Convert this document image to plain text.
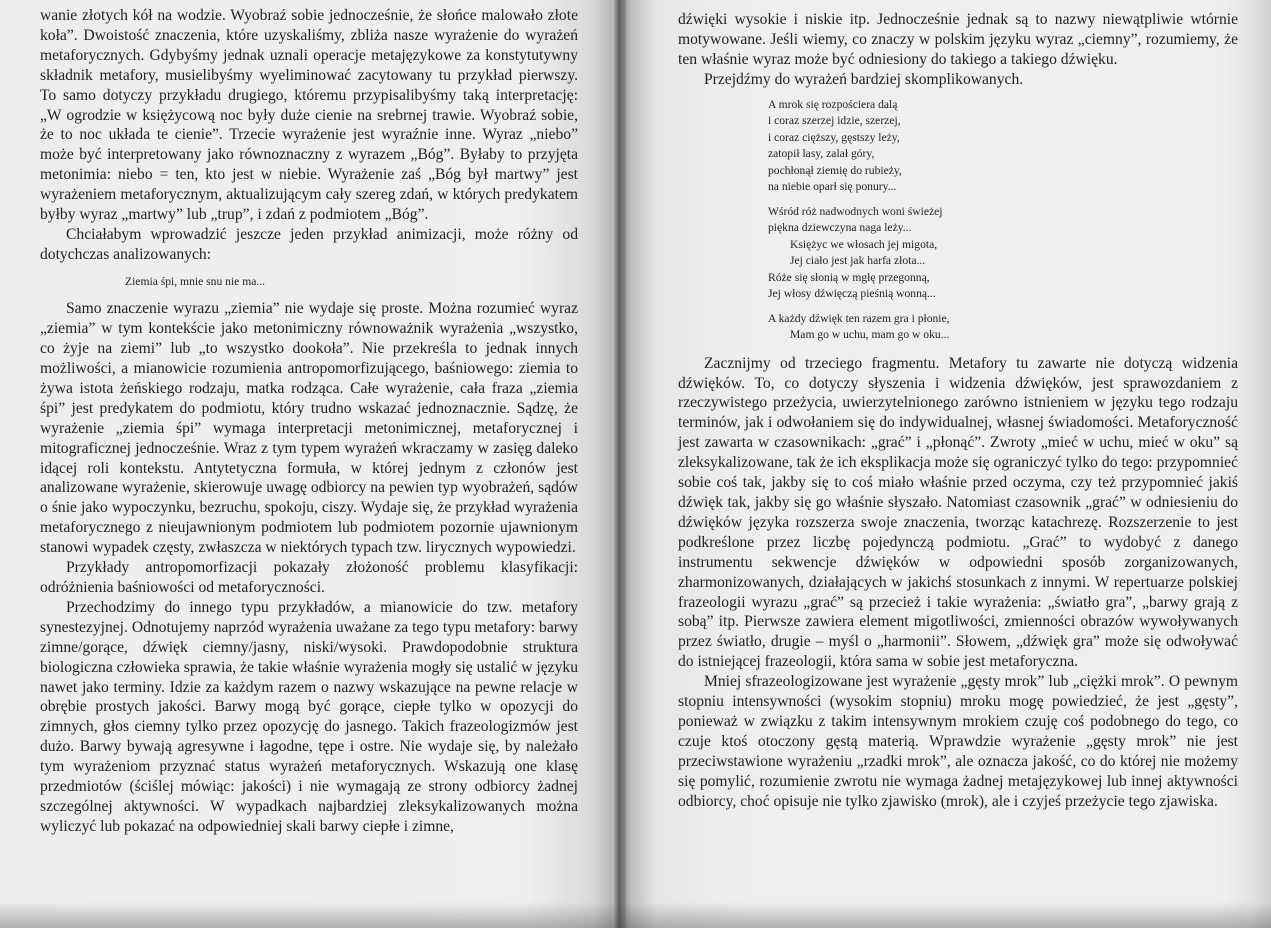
wanie złotych kół na wodzie. Wyobraź sobie jednocześnie, że słońce malowało złote koła”. Dwoistość znaczenia, które uzyskaliśmy, zbliża nasze wyrażenie do wyrażeń metaforycznych. Gdybyśmy jednak uznali operacje metajęzykowe za konstytutywny składnik metafory, musielibyśmy wyeliminować zacytowany tu przykład pierwszy. To samo dotyczy przykładu drugiego, któremu przypisalibyśmy taką interpretację: „W ogrodzie w księżycową noc były duże cienie na srebrnej trawie. Wyobraź sobie, że to noc układa te cienie”. Trzecie wyrażenie jest wyraźnie inne. Wyraz „niebo” może być interpretowany jako równoznaczny z wyrazem „Bóg”. Byłaby to przyjęta metonimia: niebo = ten, kto jest w niebie. Wyrażenie zaś „Bóg był martwy” jest wyrażeniem metaforycznym, aktualizującym cały szereg zdań, w których predykatem byłby wyraz „martwy” lub „trup”, i zdań z podmiotem „Bóg”.

Chciałabym wprowadzić jeszcze jeden przykład animizacji, może różny od dotychczas analizowanych:

Ziemia śpi, mnie snu nie ma...

Samo znaczenie wyrazu „ziemia” nie wydaje się proste. Można rozumieć wyraz „ziemia” w tym kontekście jako metonimiczny równoważnik wyrażenia „wszystko, co żyje na ziemi” lub „to wszystko dookoła”. Nie przekreśla to jednak innych możliwości, a mianowicie rozumienia antropomorfizującego, baśniowego: ziemia to żywa istota żeńskiego rodzaju, matka rodząca. Całe wyrażenie, cała fraza „ziemia śpi” jest predykatem do podmiotu, który trudno wskazać jednoznacznie. Sądzę, że wyrażenie „ziemia śpi” wymaga interpretacji metonimicznej, metaforycznej i mitograficznej jednocześnie. Wraz z tym typem wyrażeń wkraczamy w zasięg daleko idącej roli kontekstu. Antytetyczna formuła, w której jednym z członów jest analizowane wyrażenie, skierowuje uwagę odbiorcy na pewien typ wyobrażeń, sądów o śnie jako wypoczynku, bezruchu, spokoju, ciszy. Wydaje się, że przykład wyrażenia metaforycznego z nieujawnionym podmiotem lub podmiotem pozornie ujawnionym stanowi wypadek częsty, zwłaszcza w niektórych typach tzw. lirycznych wypowiedzi.

Przykłady antropomorfizacji pokazały złożoność problemu klasyfikacji: odróżnienia baśniowości od metaforyczności.

Przechodzimy do innego typu przykładów, a mianowicie do tzw. metafory synestezyjnej. Odnotujemy naprzód wyrażenia uważane za tego typu metafory: barwy zimne/gorące, dźwięk ciemny/jasny, niski/wysoki. Prawdopodobnie struktura biologiczna człowieka sprawia, że takie właśnie wyrażenia mogły się ustalić w języku nawet jako terminy. Idzie za każdym razem o nazwy wskazujące na pewne relacje w obrębie prostych jakości. Barwy mogą być gorące, ciepłe tylko w opozycji do zimnych, głos ciemny tylko przez opozycję do jasnego. Takich frazeologizmów jest dużo. Barwy bywają agresywne i łagodne, tępe i ostre. Nie wydaje się, by należało tym wyrażeniom przyznać status wyrażeń metaforycznych. Wskazują one klasę przedmiotów (ściślej mówiąc: jakości) i nie wymagają ze strony odbiorcy żadnej szczególnej aktywności. W wypadkach najbardziej zleksykalizowanych można wyliczyć lub pokazać na odpowiedniej skali barwy ciepłe i zimne,

dźwięki wysokie i niskie itp. Jednocześnie jednak są to nazwy niewątpliwie wtórnie motywowane. Jeśli wiemy, co znaczy w polskim języku wyraz „ciemny”, rozumiemy, że ten właśnie wyraz może być odniesiony do takiego a takiego dźwięku.

Przejdźmy do wyrażeń bardziej skomplikowanych.

A mrok się rozpościera dalą
i coraz szerzej idzie, szerzej,
i coraz cięższy, gęstszy leży,
zatopił lasy, zalał góry,
pochłonął ziemię do rubieży,
na niebie oparł się ponury...
Wśród róż nadwodnych woni świeżej
piękna dziewczyna naga leży...
Księżyc we włosach jej migota,
Jej ciało jest jak harfa złota...
Róże się słonią w mgłę przegonną,
Jej włosy dźwięczą pieśnią wonną...
A każdy dźwięk ten razem gra i płonie,
Mam go w uchu, mam go w oku...

Zacznijmy od trzeciego fragmentu. Metafory tu zawarte nie dotyczą widzenia dźwięków. To, co dotyczy słyszenia i widzenia dźwięków, jest sprawozdaniem z rzeczywistego przeżycia, uwierzytelnionego zarówno istnieniem w języku tego rodzaju terminów, jak i odwołaniem się do indywidualnej, własnej świadomości. Metaforyczność jest zawarta w czasownikach: „grać” i „płonąć”. Zwroty „mieć w uchu, mieć w oku” są zleksykalizowane, tak że ich eksplikacja może się ograniczyć tylko do tego: przypomnieć sobie coś tak, jakby się to coś miało właśnie przed oczyma, czy też przypomnieć jakiś dźwięk tak, jakby się go właśnie słyszało. Natomiast czasownik „grać” w odniesieniu do dźwięków języka rozszerza swoje znaczenia, tworząc katachrezę. Rozszerzenie to jest podkreślone przez liczbę pojedynczą podmiotu. „Grać” to wydobyć z danego instrumentu sekwencje dźwięków w odpowiedni sposób zorganizowanych, zharmonizowanych, działających w jakichś stosunkach z innymi. W repertuarze polskiej frazeologii wyrazu „grać” są przecież i takie wyrażenia: „światło gra”, „barwy grają z sobą” itp. Pierwsze zawiera element migotliwości, zmienności obrazów wywoływanych przez światło, drugie – myśl o „harmonii”. Słowem, „dźwięk gra” może się odwoływać do istniejącej frazeologii, która sama w sobie jest metaforyczna.

Mniej sfrazeologizowane jest wyrażenie „gęsty mrok” lub „ciężki mrok”. O pewnym stopniu intensywności (wysokim stopniu) mroku mogę powiedzieć, że jest „gęsty”, ponieważ w związku z takim intensywnym mrokiem czuję coś podobnego do tego, co czuje ktoś otoczony gęstą materią. Wprawdzie wyrażenie „gęsty mrok” nie jest przeciwstawione wyrażeniu „rzadki mrok”, ale oznacza jakość, co do której nie możemy się pomylić, rozumienie zwrotu nie wymaga żadnej metajęzykowej lub innej aktywności odbiorcy, choć opisuje nie tylko zjawisko (mrok), ale i czyjeś przeżycie tego zjawiska.
